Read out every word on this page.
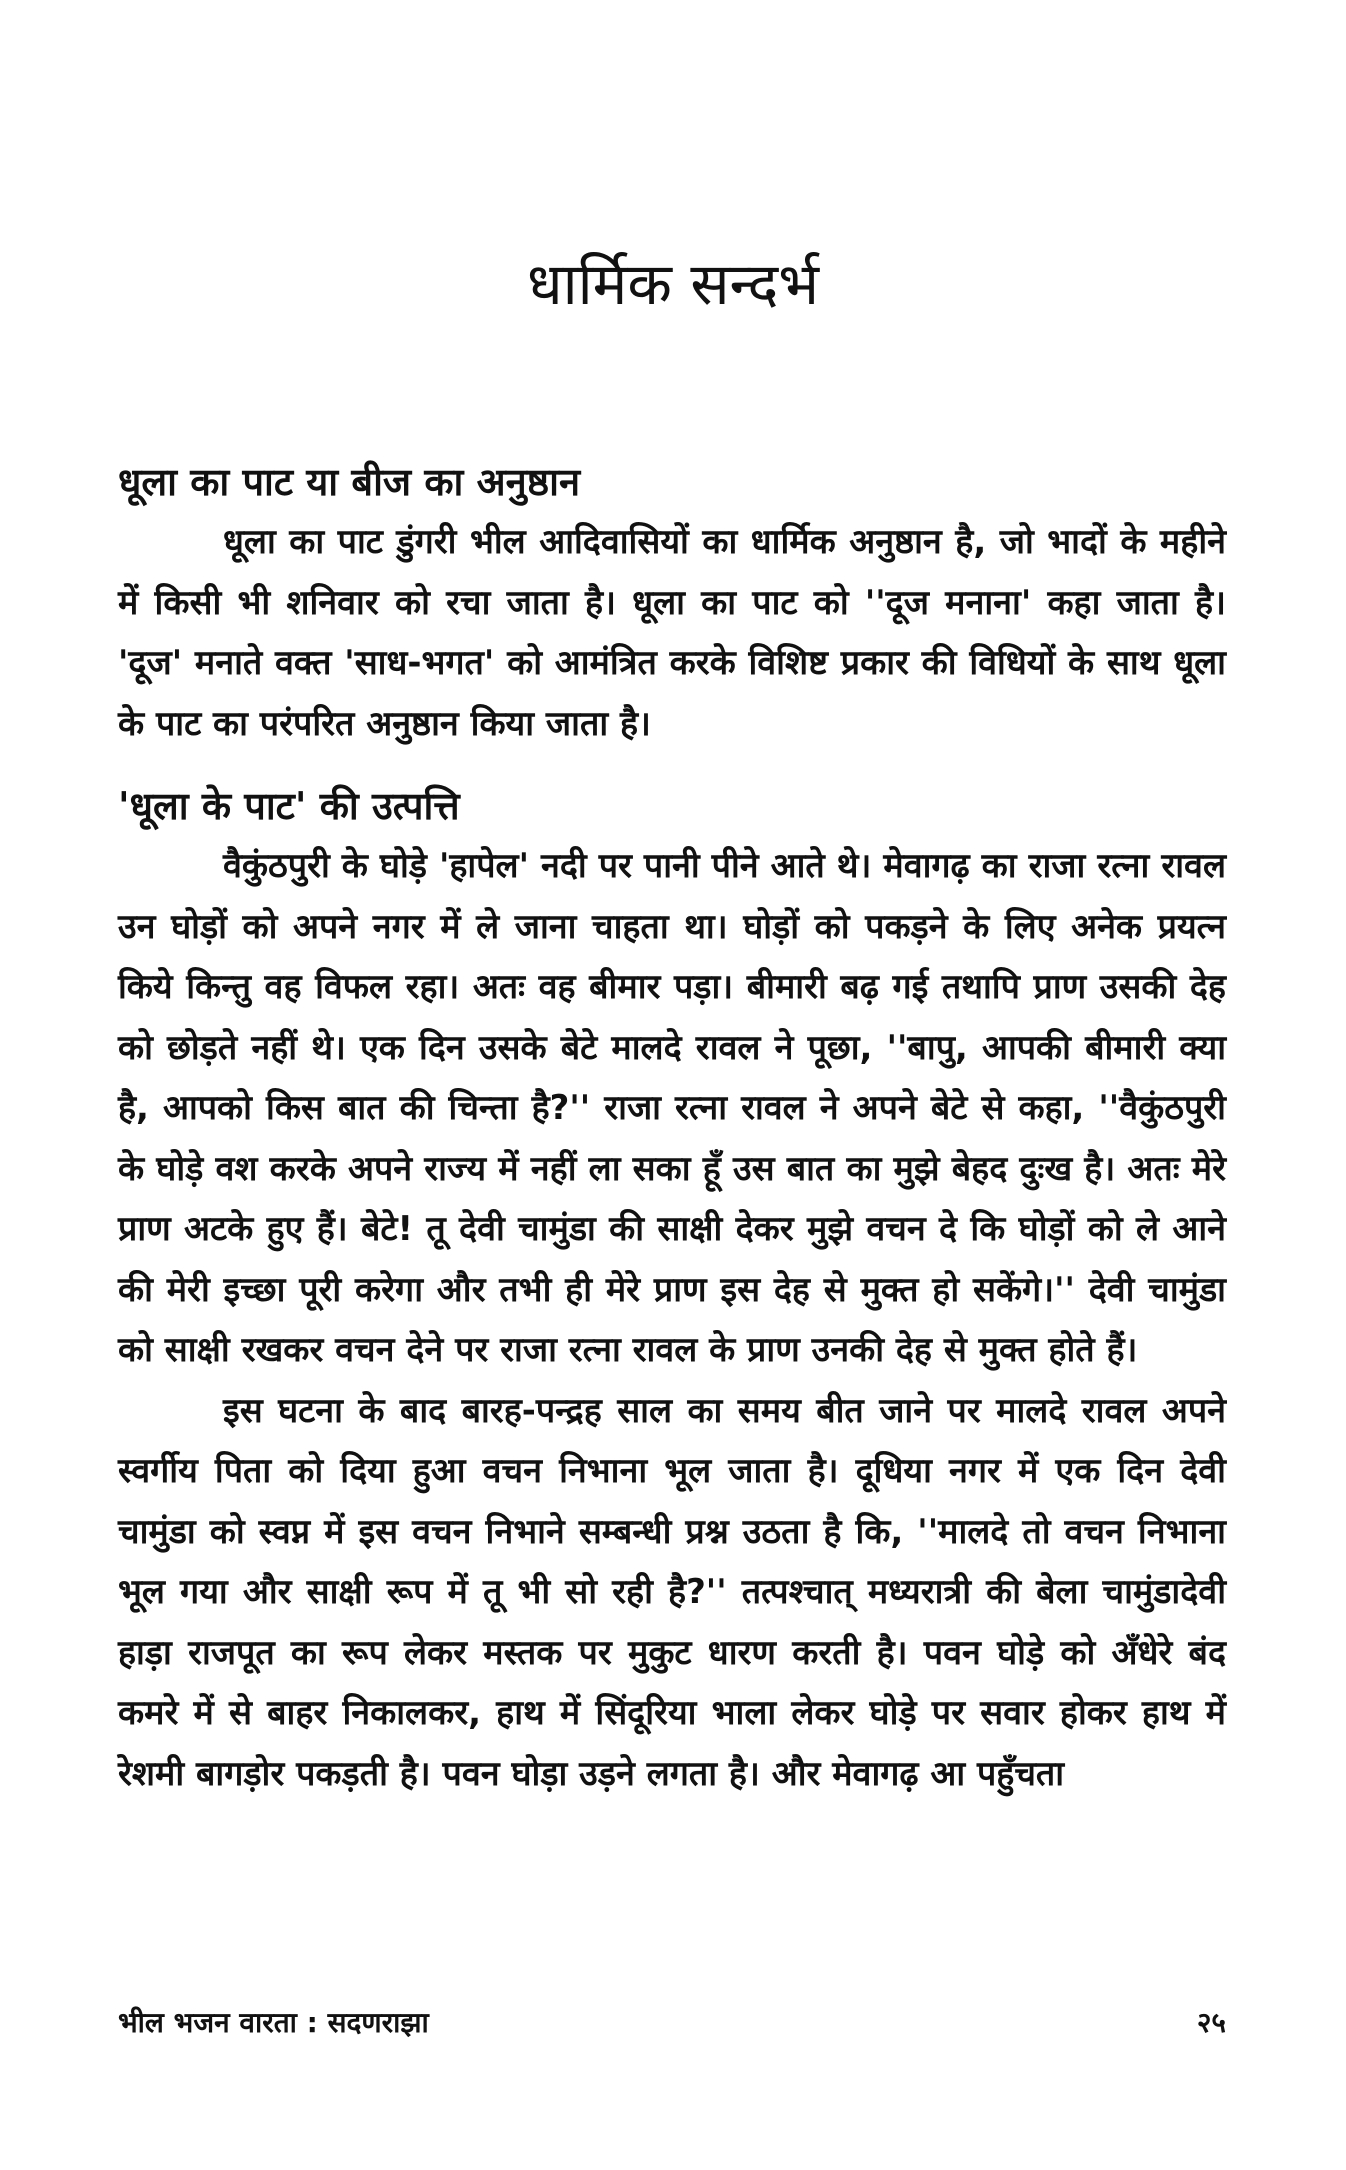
धार्मिक सन्दर्भ
धूला का पाट या बीज का अनुष्ठान

धूला का पाट डुंगरी भील आदिवासियों का धार्मिक अनुष्ठान है, जो भादों के महीने में किसी भी शनिवार को रचा जाता है। धूला का पाट को ''दूज मनाना' कहा जाता है। 'दूज' मनाते वक्त 'साध-भगत' को आमंत्रित करके विशिष्ट प्रकार की विधियों के साथ धूला के पाट का परंपरित अनुष्ठान किया जाता है।

'धूला के पाट' की उत्पत्ति

वैकुंठपुरी के घोड़े 'हापेल' नदी पर पानी पीने आते थे। मेवागढ़ का राजा रत्ना रावल उन घोड़ों को अपने नगर में ले जाना चाहता था। घोड़ों को पकड़ने के लिए अनेक प्रयत्न किये किन्तु वह विफल रहा। अतः वह बीमार पड़ा। बीमारी बढ़ गई तथापि प्राण उसकी देह को छोड़ते नहीं थे। एक दिन उसके बेटे मालदे रावल ने पूछा, ''बापु, आपकी बीमारी क्या है, आपको किस बात की चिन्ता है?'' राजा रत्ना रावल ने अपने बेटे से कहा, ''वैकुंठपुरी के घोड़े वश करके अपने राज्य में नहीं ला सका हूँ उस बात का मुझे बेहद दुःख है। अतः मेरे प्राण अटके हुए हैं। बेटे! तू देवी चामुंडा की साक्षी देकर मुझे वचन दे कि घोड़ों को ले आने की मेरी इच्छा पूरी करेगा और तभी ही मेरे प्राण इस देह से मुक्त हो सकेंगे।'' देवी चामुंडा को साक्षी रखकर वचन देने पर राजा रत्ना रावल के प्राण उनकी देह से मुक्त होते हैं।

इस घटना के बाद बारह-पन्द्रह साल का समय बीत जाने पर मालदे रावल अपने स्वर्गीय पिता को दिया हुआ वचन निभाना भूल जाता है। दूधिया नगर में एक दिन देवी चामुंडा को स्वप्न में इस वचन निभाने सम्बन्धी प्रश्न उठता है कि, ''मालदे तो वचन निभाना भूल गया और साक्षी रूप में तू भी सो रही है?'' तत्पश्चात् मध्यरात्री की बेला चामुंडादेवी हाड़ा राजपूत का रूप लेकर मस्तक पर मुकुट धारण करती है। पवन घोड़े को अँधेरे बंद कमरे में से बाहर निकालकर, हाथ में सिंदूरिया भाला लेकर घोड़े पर सवार होकर हाथ में रेशमी बागड़ोर पकड़ती है। पवन घोड़ा उड़ने लगता है। और मेवागढ़ आ पहुँचता

भील भजन वारता : सदणराझा	२५
